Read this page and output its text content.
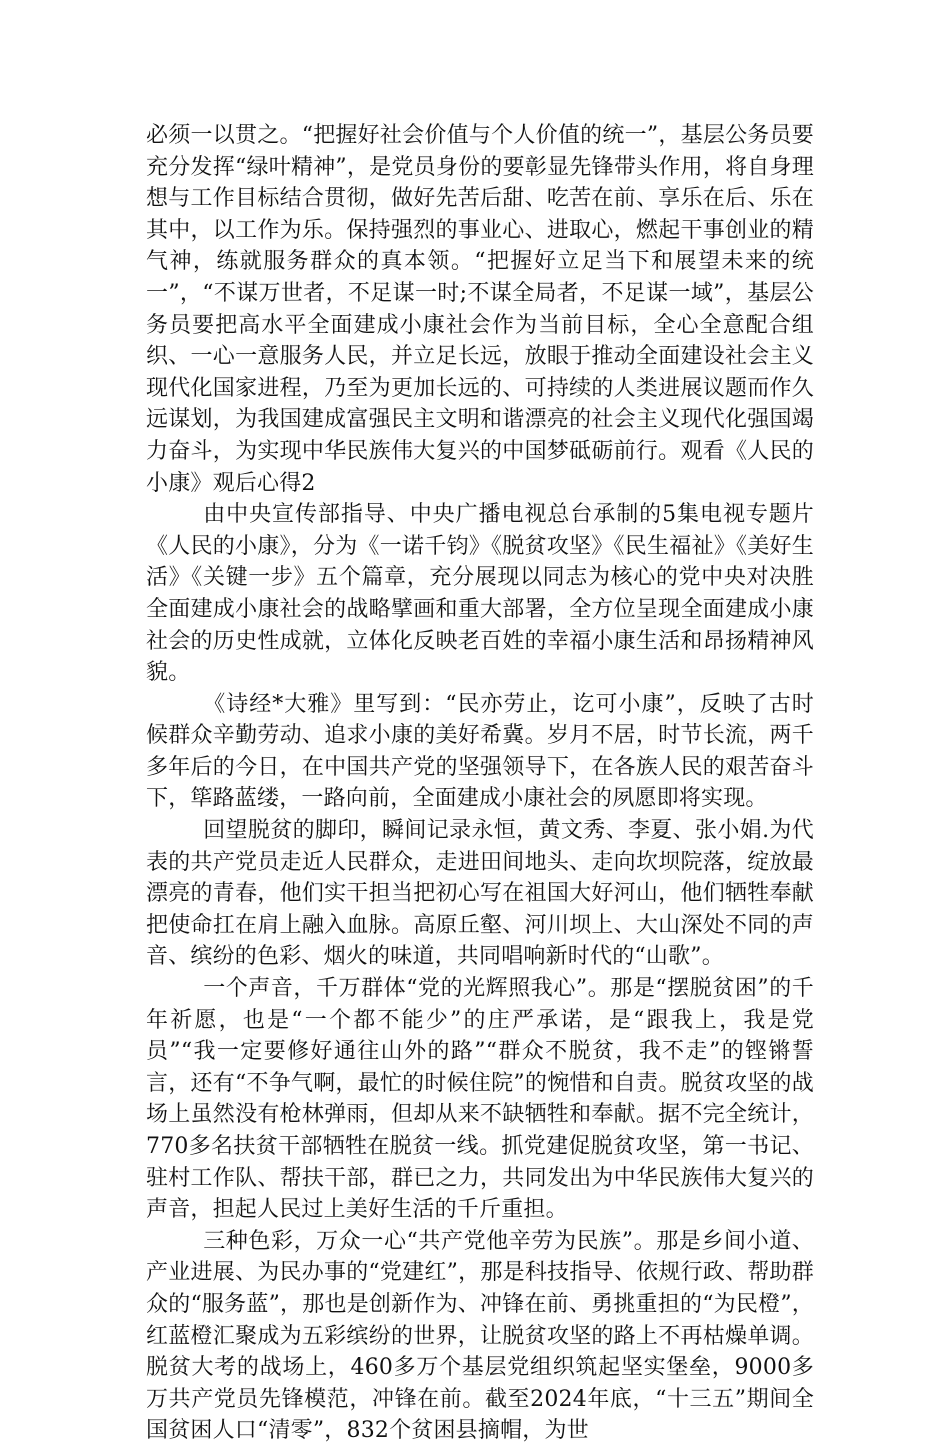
必须一以贯之。“把握好社会价值与个人价值的统一”，基层公务员要充分发挥“绿叶精神”，是党员身份的要彰显先锋带头作用，将自身理想与工作目标结合贯彻，做好先苦后甜、吃苦在前、享乐在后、乐在其中，以工作为乐。保持强烈的事业心、进取心，燃起干事创业的精气神，练就服务群众的真本领。“把握好立足当下和展望未来的统一”，“不谋万世者，不足谋一时;不谋全局者，不足谋一域”，基层公务员要把高水平全面建成小康社会作为当前目标，全心全意配合组织、一心一意服务人民，并立足长远，放眼于推动全面建设社会主义现代化国家进程，乃至为更加长远的、可持续的人类进展议题而作久远谋划，为我国建成富强民主文明和谐漂亮的社会主义现代化强国竭力奋斗，为实现中华民族伟大复兴的中国梦砥砺前行。观看《人民的小康》观后心得2

由中央宣传部指导、中央广播电视总台承制的5集电视专题片《人民的小康》，分为《一诺千钧》《脱贫攻坚》《民生福祉》《美好生活》《关键一步》五个篇章，充分展现以同志为核心的党中央对决胜全面建成小康社会的战略擘画和重大部署，全方位呈现全面建成小康社会的历史性成就，立体化反映老百姓的幸福小康生活和昂扬精神风貌。

《诗经*大雅》里写到：“民亦劳止，讫可小康”，反映了古时候群众辛勤劳动、追求小康的美好希冀。岁月不居，时节长流，两千多年后的今日，在中国共产党的坚强领导下，在各族人民的艰苦奋斗下，筚路蓝缕，一路向前，全面建成小康社会的夙愿即将实现。

回望脱贫的脚印，瞬间记录永恒，黄文秀、李夏、张小娟.为代表的共产党员走近人民群众，走进田间地头、走向坎坝院落，绽放最漂亮的青春，他们实干担当把初心写在祖国大好河山，他们牺牲奉献把使命扛在肩上融入血脉。高原丘壑、河川坝上、大山深处不同的声音、缤纷的色彩、烟火的味道，共同唱响新时代的“山歌”。

一个声音，千万群体“党的光辉照我心”。那是“摆脱贫困”的千年祈愿，也是“一个都不能少”的庄严承诺，是“跟我上，我是党员”“我一定要修好通往山外的路”“群众不脱贫，我不走”的铿锵誓言，还有“不争气啊，最忙的时候住院”的惋惜和自责。脱贫攻坚的战场上虽然没有枪林弹雨，但却从来不缺牺牲和奉献。据不完全统计，770多名扶贫干部牺牲在脱贫一线。抓党建促脱贫攻坚，第一书记、驻村工作队、帮扶干部，群已之力，共同发出为中华民族伟大复兴的声音，担起人民过上美好生活的千斤重担。

三种色彩，万众一心“共产党他辛劳为民族”。那是乡间小道、产业进展、为民办事的“党建红”，那是科技指导、依规行政、帮助群众的“服务蓝”，那也是创新作为、冲锋在前、勇挑重担的“为民橙”，红蓝橙汇聚成为五彩缤纷的世界，让脱贫攻坚的路上不再枯燥单调。脱贫大考的战场上，460多万个基层党组织筑起坚实堡垒，9000多万共产党员先锋模范，冲锋在前。截至2024年底，“十三五”期间全国贫困人口“清零”，832个贫困县摘帽，为世
